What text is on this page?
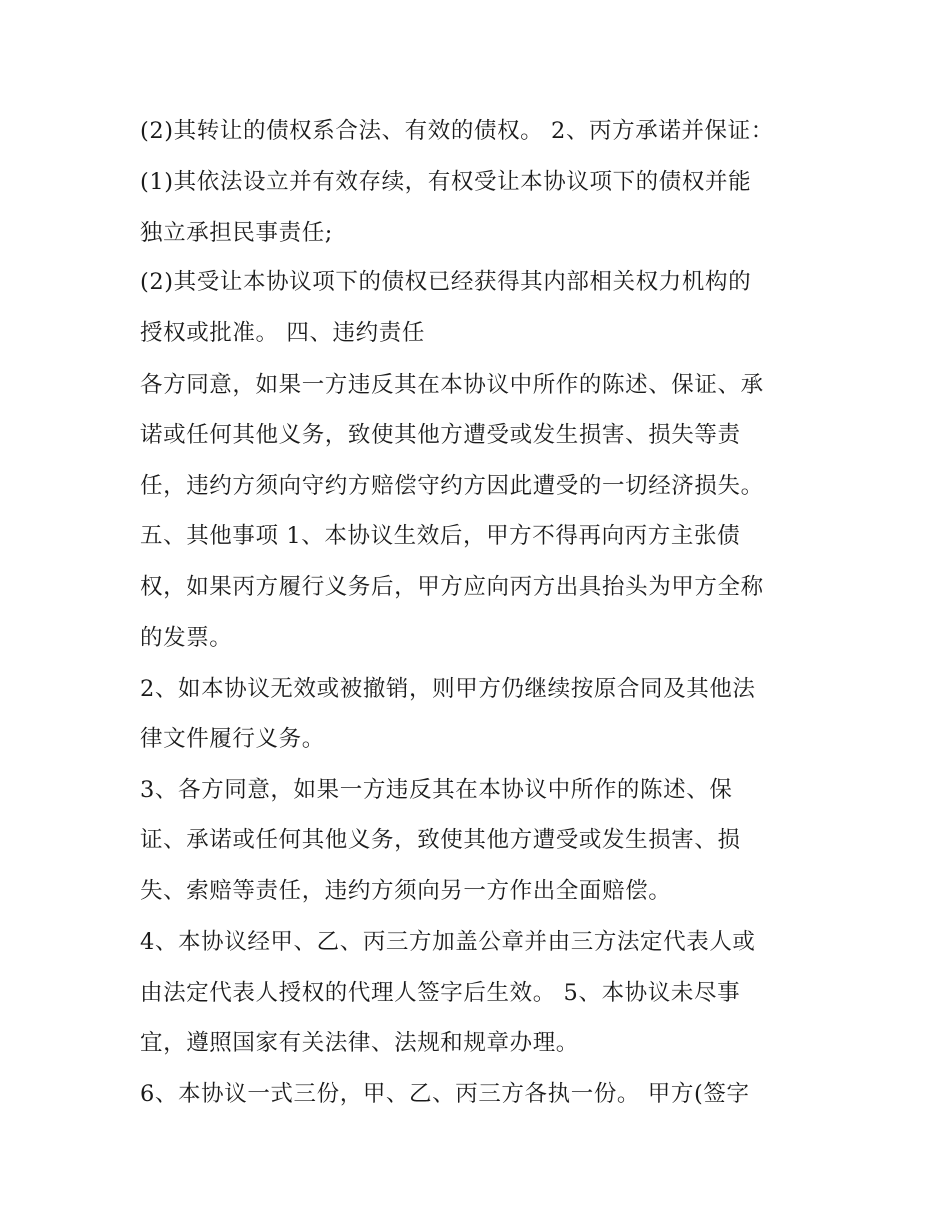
(2)其转让的债权系合法、有效的债权。 2、丙方承诺并保证：
(1)其依法设立并有效存续，有权受让本协议项下的债权并能
独立承担民事责任;
(2)其受让本协议项下的债权已经获得其内部相关权力机构的
授权或批准。 四、违约责任
各方同意，如果一方违反其在本协议中所作的陈述、保证、承
诺或任何其他义务，致使其他方遭受或发生损害、损失等责
任，违约方须向守约方赔偿守约方因此遭受的一切经济损失。
五、其他事项 1、本协议生效后，甲方不得再向丙方主张债
权，如果丙方履行义务后，甲方应向丙方出具抬头为甲方全称
的发票。
2、如本协议无效或被撤销，则甲方仍继续按原合同及其他法
律文件履行义务。
3、各方同意，如果一方违反其在本协议中所作的陈述、保
证、承诺或任何其他义务，致使其他方遭受或发生损害、损
失、索赔等责任，违约方须向另一方作出全面赔偿。
4、本协议经甲、乙、丙三方加盖公章并由三方法定代表人或
由法定代表人授权的代理人签字后生效。 5、本协议未尽事
宜，遵照国家有关法律、法规和规章办理。
6、本协议一式三份，甲、乙、丙三方各执一份。 甲方(签字
